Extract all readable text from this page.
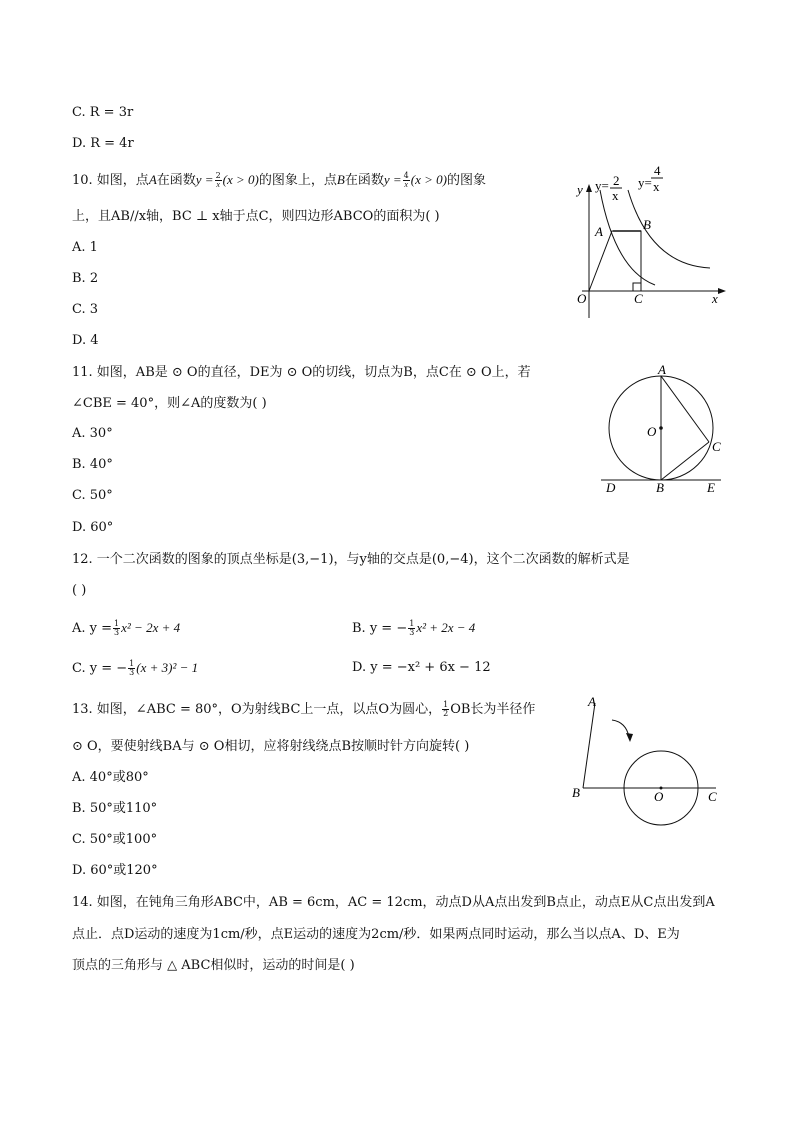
C. R = 3r
D. R = 4r
10. 如图，点A在函数$y = \frac{2}{x} (x > 0)$的图象上，点B在函数$y = \frac{4}{x} (x > 0)$的图象
上，且AB//x轴，BC ⊥ x轴于点C，则四边形ABCO的面积为( )
A. 1
B. 2
C. 3
D. 4
y y= 2
x
y=
4
x
A	B
O	C	x
11. 如图，AB是 ⊙ O的直径，DE为 ⊙ O的切线，切点为B，点C在 ⊙ O上，若
∠CBE = 40°，则∠A的度数为( )
A. 30°
B. 40°
C. 50°
D. 60°
A
O
C
D	B	E
12. 一个二次函数的图象的顶点坐标是(3,−1)，与y轴的交点是(0,−4)，这个二次函数的解析式是
( )
A. $y = \frac{1}{3} x^2 - 2x + 4$	B. y = − $\frac{1}{3} x^2 + 2x - 4$
C. y = − $\frac{1}{3} (x + 3)^2 - 1$	D. y = −x² + 6x − 12
13. 如图，∠ABC = 80°，O为射线BC上一点，以点O为圆心， $\frac{1}{2}$ OB长为半径作
⊙ O，要使射线BA与 ⊙ O相切，应将射线绕点B按顺时针方向旋转( )
A. 40°或80°
B. 50°或110°
C. 50°或100°
D. 60°或120°
A
B	O	C
14. 如图，在钝角三角形ABC中，AB = 6cm，AC = 12cm，动点D从A点出发到B点止，动点E从C点出发到A
点止．点D运动的速度为1cm/秒，点E运动的速度为2cm/秒．如果两点同时运动，那么当以点A、D、E为
顶点的三角形与 △ ABC相似时，运动的时间是( )
